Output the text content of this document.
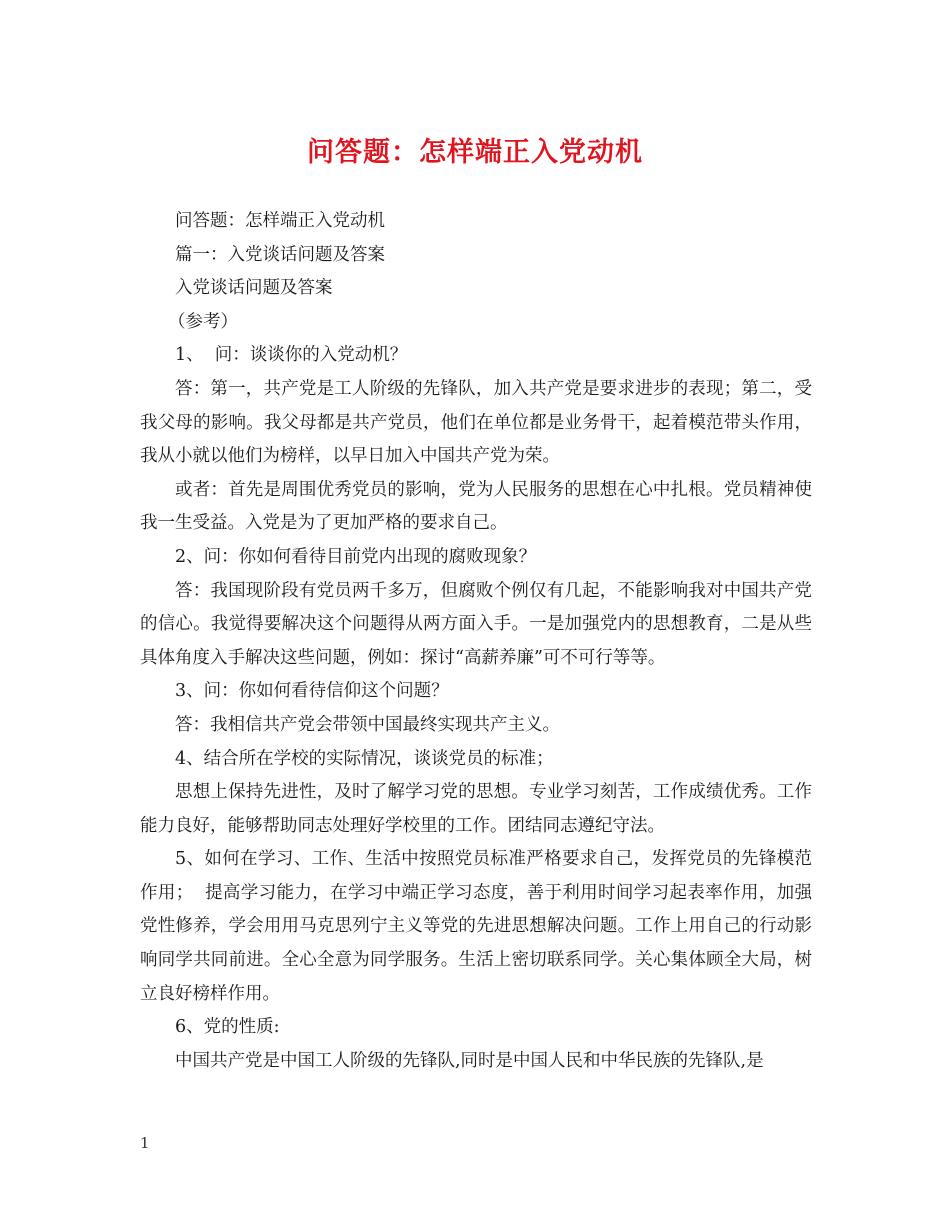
问答题：怎样端正入党动机

问答题：怎样端正入党动机

篇一：入党谈话问题及答案

入党谈话问题及答案

（参考）

1、  问：谈谈你的入党动机？

答：第一，共产党是工人阶级的先锋队，加入共产党是要求进步的表现；第二，受我父母的影响。我父母都是共产党员，他们在单位都是业务骨干，起着模范带头作用，我从小就以他们为榜样，以早日加入中国共产党为荣。

或者：首先是周围优秀党员的影响，党为人民服务的思想在心中扎根。党员精神使我一生受益。入党是为了更加严格的要求自己。

2、问：你如何看待目前党内出现的腐败现象？

答：我国现阶段有党员两千多万，但腐败个例仅有几起，不能影响我对中国共产党的信心。我觉得要解决这个问题得从两方面入手。一是加强党内的思想教育，二是从些具体角度入手解决这些问题，例如：探讨“高薪养廉”可不可行等等。

3、问：你如何看待信仰这个问题？

答：我相信共产党会带领中国最终实现共产主义。

4、结合所在学校的实际情况，谈谈党员的标准；

思想上保持先进性，及时了解学习党的思想。专业学习刻苦，工作成绩优秀。工作能力良好，能够帮助同志处理好学校里的工作。团结同志遵纪守法。

5、如何在学习、工作、生活中按照党员标准严格要求自己，发挥党员的先锋模范作用；  提高学习能力，在学习中端正学习态度，善于利用时间学习起表率作用，加强党性修养，学会用用马克思列宁主义等党的先进思想解决问题。工作上用自己的行动影响同学共同前进。全心全意为同学服务。生活上密切联系同学。关心集体顾全大局，树立良好榜样作用。

6、党的性质:

中国共产党是中国工人阶级的先锋队,同时是中国人民和中华民族的先锋队,是

1
